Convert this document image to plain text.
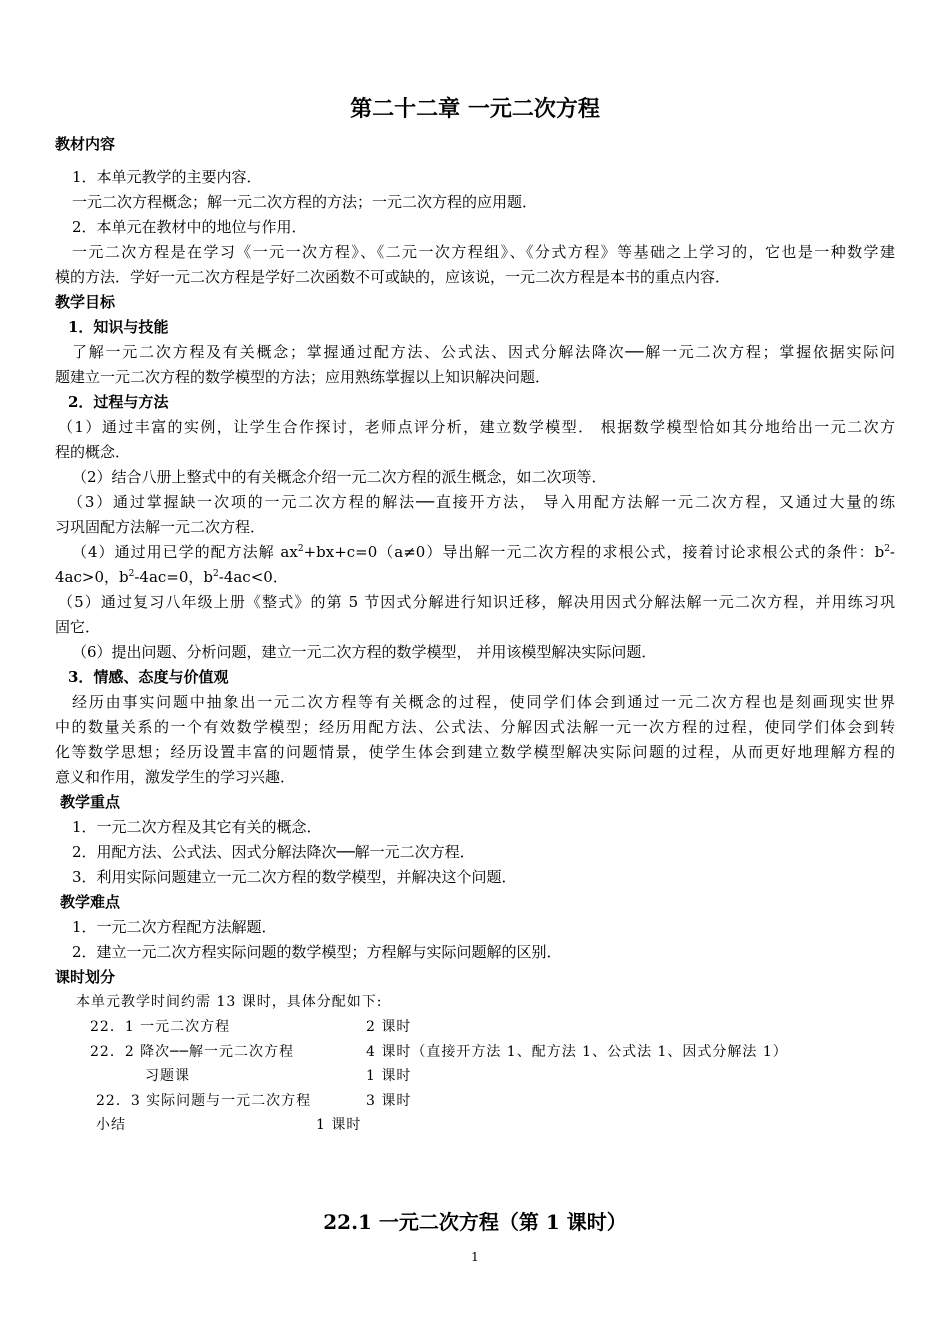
第二十二章 一元二次方程
教材内容
1．本单元教学的主要内容．
一元二次方程概念；解一元二次方程的方法；一元二次方程的应用题．
2．本单元在教材中的地位与作用．
一元二次方程是在学习《一元一次方程》、《二元一次方程组》、《分式方程》等基础之上学习的，它也是一种数学建
模的方法．学好一元二次方程是学好二次函数不可或缺的，应该说，一元二次方程是本书的重点内容．
教学目标
1．知识与技能
了解一元二次方程及有关概念；掌握通过配方法、公式法、因式分解法降次──解一元二次方程；掌握依据实际问
题建立一元二次方程的数学模型的方法；应用熟练掌握以上知识解决问题．
2．过程与方法
（1）通过丰富的实例，让学生合作探讨，老师点评分析，建立数学模型． 根据数学模型恰如其分地给出一元二次方
程的概念．
（2）结合八册上整式中的有关概念介绍一元二次方程的派生概念，如二次项等．
（3）通过掌握缺一次项的一元二次方程的解法──直接开方法， 导入用配方法解一元二次方程，又通过大量的练
习巩固配方法解一元二次方程．
（4）通过用已学的配方法解 $ax^2+bx+c=0(a\ne 0)$导出解一元二次方程的求根公式，接着讨论求根公式的条件：$b^2-$
4ac>0，$b^2-4ac=0$，$b^2-4ac<0$．
（5）通过复习八年级上册《整式》的第 5 节因式分解进行知识迁移，解决用因式分解法解一元二次方程，并用练习巩
固它．
（6）提出问题、分析问题，建立一元二次方程的数学模型， 并用该模型解决实际问题．
3．情感、态度与价值观
经历由事实问题中抽象出一元二次方程等有关概念的过程，使同学们体会到通过一元二次方程也是刻画现实世界
中的数量关系的一个有效数学模型；经历用配方法、公式法、分解因式法解一元一次方程的过程，使同学们体会到转
化等数学思想；经历设置丰富的问题情景，使学生体会到建立数学模型解决实际问题的过程，从而更好地理解方程的
意义和作用，激发学生的学习兴趣．
教学重点
1．一元二次方程及其它有关的概念．
2．用配方法、公式法、因式分解法降次──解一元二次方程．
3．利用实际问题建立一元二次方程的数学模型，并解决这个问题．
教学难点
1．一元二次方程配方法解题．
2．建立一元二次方程实际问题的数学模型；方程解与实际问题解的区别．
课时划分
本单元教学时间约需 13 课时，具体分配如下:
22．1 一元二次方程	2 课时
22．2 降次──解一元二次方程	4 课时（直接开方法 1、配方法 1、公式法 1、因式分解法 1）
习题课	1 课时
22．3 实际问题与一元二次方程	3 课时
小结	1 课时
22.1 一元二次方程（第 1 课时）
1
